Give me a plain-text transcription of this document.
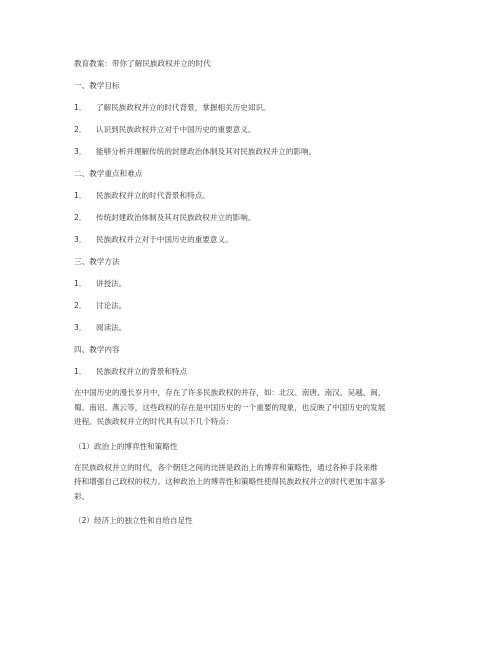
教育教案：带你了解民族政权并立的时代
一、教学目标
1．	了解民族政权并立的时代背景，掌握相关历史知识。
2．	认识到民族政权并立对于中国历史的重要意义。
3．	能够分析并理解传统的封建政治体制及其对民族政权并立的影响。
二、教学重点和难点
1．	民族政权并立的时代背景和特点。
2．	传统封建政治体制及其对民族政权并立的影响。
3．	民族政权并立对于中国历史的重要意义。
三、教学方法
1．	讲授法。
2．	讨论法。
3．	阅读法。
四、教学内容
1．	民族政权并立的背景和特点
在中国历史的漫长岁月中，存在了许多民族政权的并存，如：北汉、南唐、南汉、吴越、闽、
蜀、南诏、燕云等，这些政权的存在是中国历史的一个重要的现象，也反映了中国历史的发展
进程。民族政权并立的时代具有以下几个特点：
（1）政治上的博弈性和策略性
在民族政权并立的时代，各个朝廷之间的比拼是政治上的博弈和策略性，通过各种手段来维
持和增强自己政权的权力。这种政治上的博弈性和策略性使得民族政权并立的时代更加丰富多
彩。
（2）经济上的独立性和自给自足性
